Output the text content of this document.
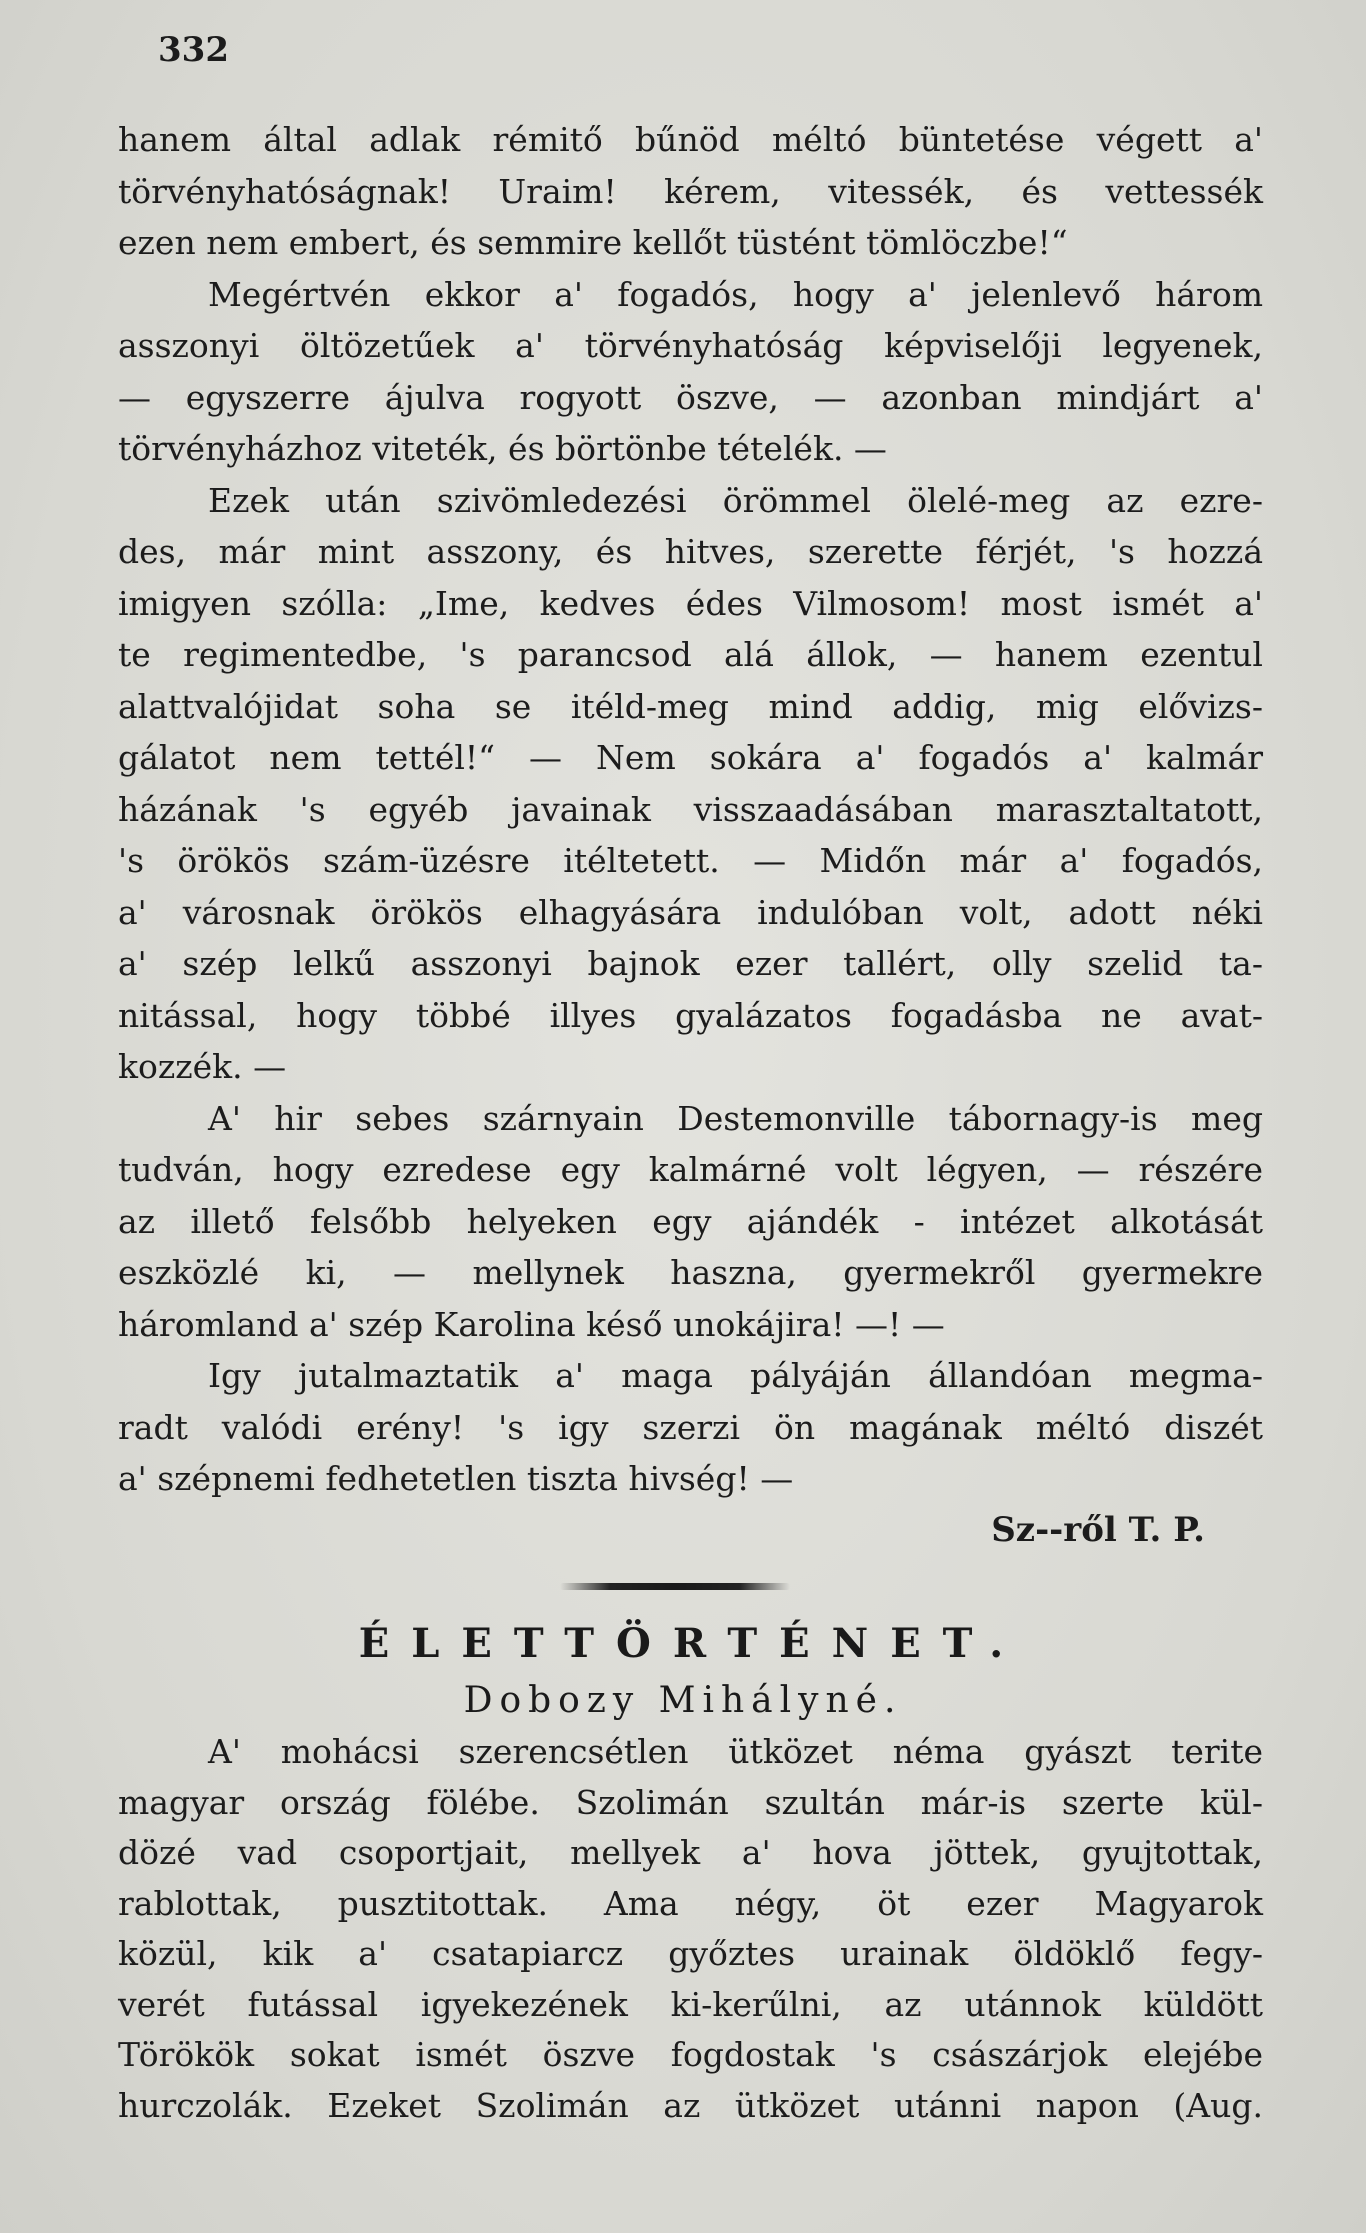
332
hanem által adlak rémitő bűnöd méltó büntetése végett a'
törvényhatóságnak! Uraim! kérem, vitessék, és vettessék
ezen nem embert, és semmire kellőt tüstént tömlöczbe!“
Megértvén ekkor a' fogadós, hogy a' jelenlevő három
asszonyi öltözetűek a' törvényhatóság képviselőji legyenek,
— egyszerre ájulva rogyott öszve, — azonban mindjárt a'
törvényházhoz viteték, és börtönbe tételék. —
Ezek után szivömledezési örömmel ölelé-meg az ezre-
des, már mint asszony, és hitves, szerette férjét, 's hozzá
imigyen szólla: „Ime, kedves édes Vilmosom! most ismét a'
te regimentedbe, 's parancsod alá állok, — hanem ezentul
alattvalójidat soha se itéld-meg mind addig, mig elővizs-
gálatot nem tettél!“ — Nem sokára a' fogadós a' kalmár
házának 's egyéb javainak visszaadásában marasztaltatott,
's örökös szám-üzésre itéltetett. — Midőn már a' fogadós,
a' városnak örökös elhagyására indulóban volt, adott néki
a' szép lelkű asszonyi bajnok ezer tallért, olly szelid ta-
nitással, hogy többé illyes gyalázatos fogadásba ne avat-
kozzék. —
A' hir sebes szárnyain Destemonville tábornagy-is meg
tudván, hogy ezredese egy kalmárné volt légyen, — részére
az illető felsőbb helyeken egy ajándék - intézet alkotását
eszközlé ki, — mellynek haszna, gyermekről gyermekre
háromland a' szép Karolina késő unokájira! —! —
Igy jutalmaztatik a' maga pályáján állandóan megma-
radt valódi erény! 's igy szerzi ön magának méltó diszét
a' szépnemi fedhetetlen tiszta hivség! —
Sz--ről T. P.
ÉLETTÖRTÉNET.
Dobozy Mihályné.
A' mohácsi szerencsétlen ütközet néma gyászt terite
magyar ország fölébe. Szolimán szultán már-is szerte kül-
dözé vad csoportjait, mellyek a' hova jöttek, gyujtottak,
rablottak, pusztitottak. Ama négy, öt ezer Magyarok
közül, kik a' csatapiarcz győztes urainak öldöklő fegy-
verét futással igyekezének ki-kerűlni, az utánnok küldött
Törökök sokat ismét öszve fogdostak 's császárjok elejébe
hurczolák. Ezeket Szolimán az ütközet utánni napon (Aug.
